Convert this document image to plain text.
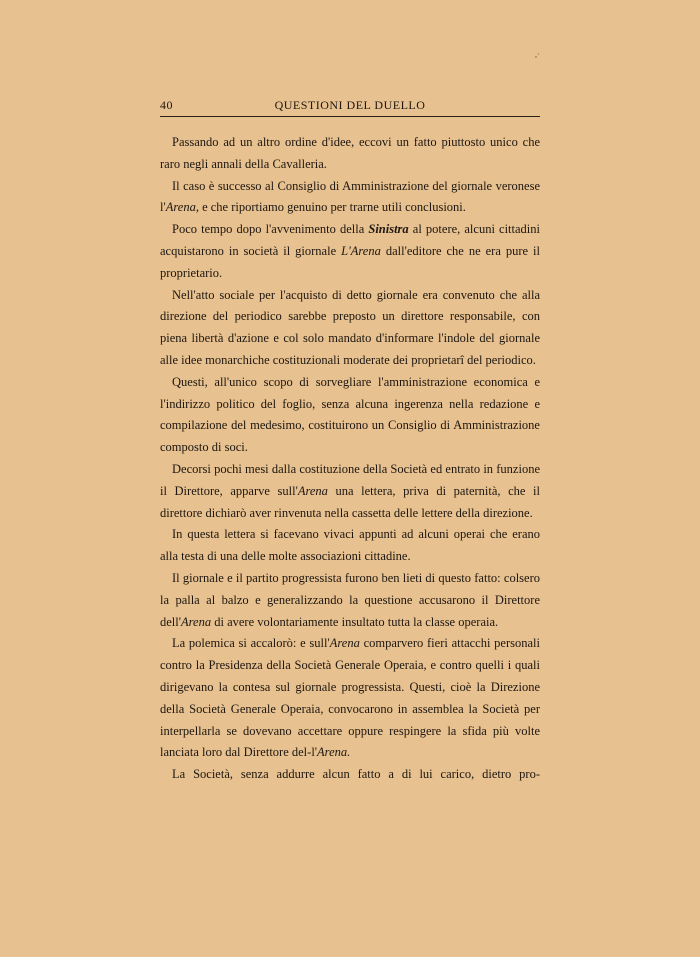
,·
40	QUESTIONI DEL DUELLO

Passando ad un altro ordine d'idee, eccovi un fatto piuttosto unico che raro negli annali della Cavalleria.

Il caso è successo al Consiglio di Amministrazione del giornale veronese l'Arena, e che riportiamo genuino per trarne utili conclusioni.

Poco tempo dopo l'avvenimento della Sinistra al potere, alcuni cittadini acquistarono in società il giornale L'Arena dall'editore che ne era pure il proprietario.

Nell'atto sociale per l'acquisto di detto giornale era convenuto che alla direzione del periodico sarebbe preposto un direttore responsabile, con piena libertà d'azione e col solo mandato d'informare l'indole del giornale alle idee monarchiche costituzionali moderate dei proprietarî del periodico.

Questi, all'unico scopo di sorvegliare l'amministrazione economica e l'indirizzo politico del foglio, senza alcuna ingerenza nella redazione e compilazione del medesimo, costituirono un Consiglio di Amministrazione composto di soci.

Decorsi pochi mesi dalla costituzione della Società ed entrato in funzione il Direttore, apparve sull'Arena una lettera, priva di paternità, che il direttore dichiarò aver rinvenuta nella cassetta delle lettere della direzione.

In questa lettera si facevano vivaci appunti ad alcuni operai che erano alla testa di una delle molte associazioni cittadine.

Il giornale e il partito progressista furono ben lieti di questo fatto: colsero la palla al balzo e generalizzando la questione accusarono il Direttore dell'Arena di avere volontariamente insultato tutta la classe operaia.

La polemica si accalorò: e sull'Arena comparvero fieri attacchi personali contro la Presidenza della Società Generale Operaia, e contro quelli i quali dirigevano la contesa sul giornale progressista. Questi, cioè la Direzione della Società Generale Operaia, convocarono in assemblea la Società per interpellarla se dovevano accettare oppure respingere la sfida più volte lanciata loro dal Direttore del-l'Arena.

La Società, senza addurre alcun fatto a di lui carico, dietro pro-
